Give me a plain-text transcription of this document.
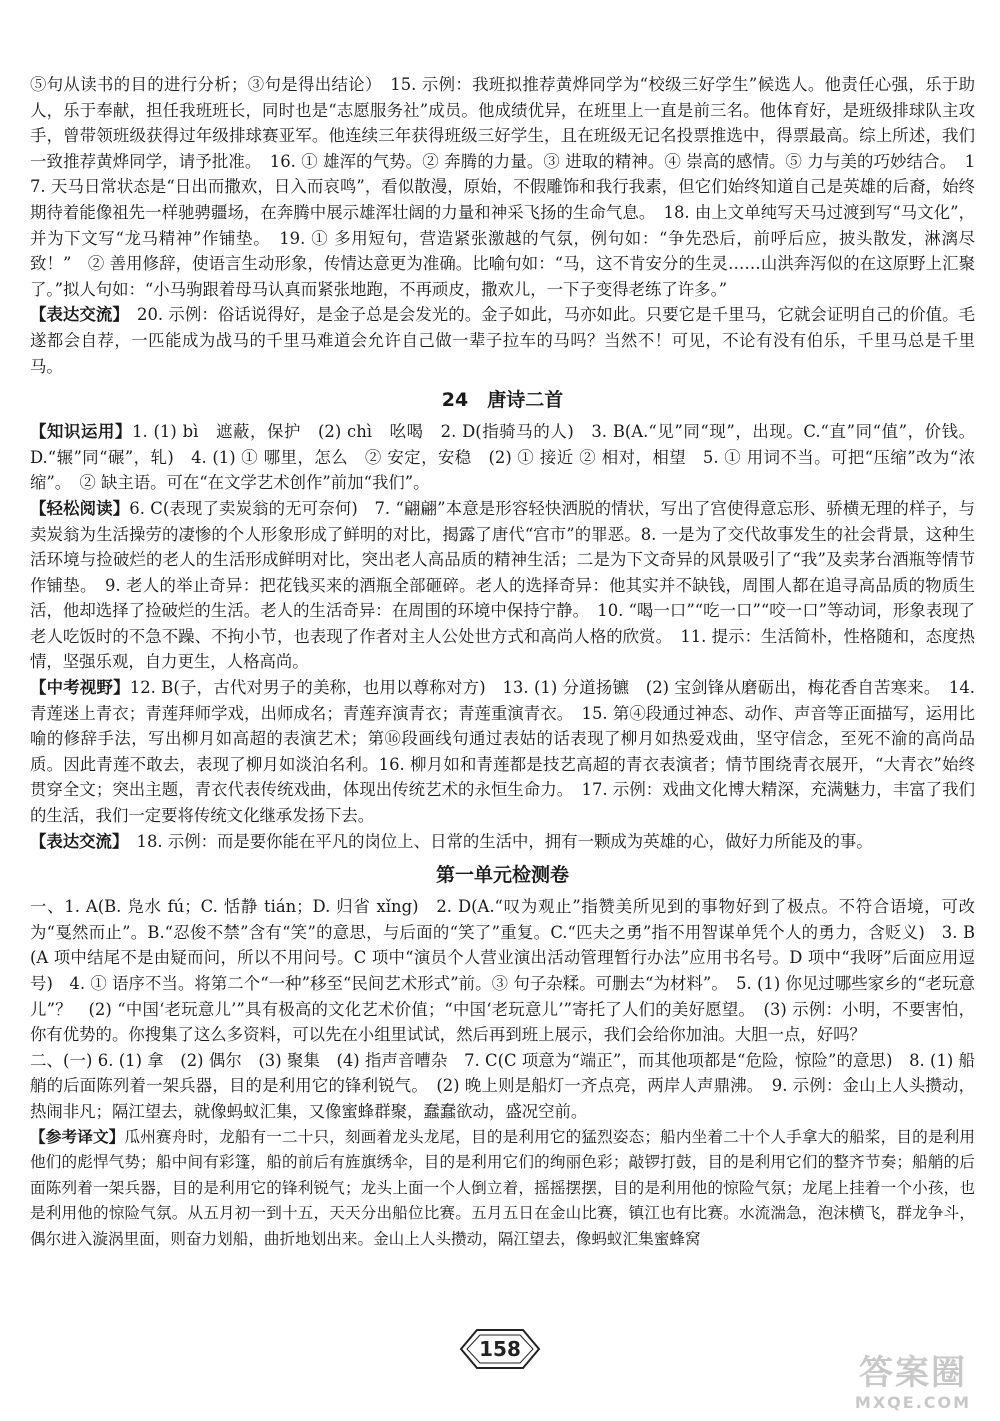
⑤句从读书的目的进行分析；③句是得出结论）　15. 示例：我班拟推荐黄烨同学为“校级三好学生”候选人。他责任心强，乐于助人，乐于奉献，担任我班班长，同时也是“志愿服务社”成员。他成绩优异，在班里上一直是前三名。他体育好，是班级排球队主攻手，曾带领班级获得过年级排球赛亚军。他连续三年获得班级三好学生，且在班级无记名投票推选中，得票最高。综上所述，我们一致推荐黄烨同学，请予批准。　16. ① 雄浑的气势。② 奔腾的力量。③ 进取的精神。④ 崇高的感情。⑤ 力与美的巧妙结合。　17. 天马日常状态是“日出而撒欢，日入而哀鸣”，看似散漫，原始，不假雕饰和我行我素，但它们始终知道自己是英雄的后裔，始终期待着能像祖先一样驰骋疆场，在奔腾中展示雄浑壮阔的力量和神采飞扬的生命气息。　18. 由上文单纯写天马过渡到写“马文化”，并为下文写“龙马精神”作铺垫。　19. ① 多用短句，营造紧张激越的气氛，例句如：“争先恐后，前呼后应，披头散发，淋漓尽致！”　② 善用修辞，使语言生动形象，传情达意更为准确。比喻句如：“马，这不肯安分的生灵……山洪奔泻似的在这原野上汇聚了。”拟人句如：“小马驹跟着母马认真而紧张地跑，不再顽皮，撒欢儿，一下子变得老练了许多。”

【表达交流】　20. 示例：俗话说得好，是金子总是会发光的。金子如此，马亦如此。只要它是千里马，它就会证明自己的价值。毛遂都会自荐，一匹能成为战马的千里马难道会允许自己做一辈子拉车的马吗？当然不！可见，不论有没有伯乐，千里马总是千里马。

24　唐诗二首

【知识运用】1. (1) bì　遮蔽，保护　(2) chì　吆喝　2. D(指骑马的人)　3. B(A.“见”同“现”，出现。C.“直”同“值”，价钱。D.“辗”同“碾”，轧)　4. (1) ① 哪里，怎么　② 安定，安稳　(2) ① 接近 ② 相对，相望　5. ① 用词不当。可把“压缩”改为“浓缩”。　② 缺主语。可在“在文学艺术创作”前加“我们”。

【轻松阅读】6. C(表现了卖炭翁的无可奈何)　7. “翩翩”本意是形容轻快洒脱的情状，写出了宫使得意忘形、骄横无理的样子，与卖炭翁为生活操劳的凄惨的个人形象形成了鲜明的对比，揭露了唐代“宫市”的罪恶。8. 一是为了交代故事发生的社会背景，这种生活环境与捡破烂的老人的生活形成鲜明对比，突出老人高品质的精神生活；二是为下文奇异的风景吸引了“我”及卖茅台酒瓶等情节作铺垫。　9. 老人的举止奇异：把花钱买来的酒瓶全部砸碎。老人的选择奇异：他其实并不缺钱，周围人都在追寻高品质的物质生活，他却选择了捡破烂的生活。老人的生活奇异：在周围的环境中保持宁静。　10. “喝一口”“吃一口”“咬一口”等动词，形象表现了老人吃饭时的不急不躁、不拘小节，也表现了作者对主人公处世方式和高尚人格的欣赏。　11. 提示：生活简朴，性格随和，态度热情，坚强乐观，自力更生，人格高尚。

【中考视野】12. B(子，古代对男子的美称，也用以尊称对方)　13. (1) 分道扬镳　(2) 宝剑锋从磨砺出，梅花香自苦寒来。　14. 青莲迷上青衣；青莲拜师学戏，出师成名；青莲弃演青衣；青莲重演青衣。　15. 第④段通过神态、动作、声音等正面描写，运用比喻的修辞手法，写出柳月如高超的表演艺术；第⑯段画线句通过表姑的话表现了柳月如热爱戏曲，坚守信念，至死不渝的高尚品质。因此青莲不敢去，表现了柳月如淡泊名利。16. 柳月如和青莲都是技艺高超的青衣表演者；情节围绕青衣展开，“大青衣”始终贯穿全文；突出主题，青衣代表传统戏曲，体现出传统艺术的永恒生命力。　17. 示例：戏曲文化博大精深，充满魅力，丰富了我们的生活，我们一定要将传统文化继承发扬下去。

【表达交流】　18. 示例：而是要你能在平凡的岗位上、日常的生活中，拥有一颗成为英雄的心，做好力所能及的事。

第一单元检测卷

一、1. A(B. 凫水 fú；C. 恬静 tián；D. 归省 xǐng)　2. D(A.“叹为观止”指赞美所见到的事物好到了极点。不符合语境，可改为“戛然而止”。B.“忍俊不禁”含有“笑”的意思，与后面的“笑了”重复。C.“匹夫之勇”指不用智谋单凭个人的勇力，含贬义)　3. B(A 项中结尾不是由疑而问，所以不用问号。C 项中“演员个人营业演出活动管理暂行办法”应用书名号。D 项中“我呀”后面应用逗号)　4. ① 语序不当。将第二个“一种”移至“民间艺术形式”前。③ 句子杂糅。可删去“为材料”。　5. (1) 你见过哪些家乡的“老玩意儿”？　(2) “中国‘老玩意儿’”具有极高的文化艺术价值；“中国‘老玩意儿’”寄托了人们的美好愿望。　(3) 示例：小明，不要害怕，你有优势的。你搜集了这么多资料，可以先在小组里试试，然后再到班上展示，我们会给你加油。大胆一点，好吗？

二、(一) 6. (1) 拿　(2) 偶尔　(3) 聚集　(4) 指声音嘈杂　7. C(C 项意为“端正”，而其他项都是“危险，惊险”的意思)　8. (1) 船艄的后面陈列着一架兵器，目的是利用它的锋利锐气。　(2) 晚上则是船灯一齐点亮，两岸人声鼎沸。　9. 示例：金山上人头攒动，热闹非凡；隔江望去，就像蚂蚁汇集，又像蜜蜂群聚，蠢蠢欲动，盛况空前。

【参考译文】瓜州赛舟时，龙船有一二十只，刻画着龙头龙尾，目的是利用它的猛烈姿态；船内坐着二十个人手拿大的船桨，目的是利用他们的彪悍气势；船中间有彩篷，船的前后有旌旗绣伞，目的是利用它们的绚丽色彩；敲锣打鼓，目的是利用它们的整齐节奏；船艄的后面陈列着一架兵器，目的是利用它的锋利锐气；龙头上面一个人倒立着，摇摇摆摆，目的是利用他的惊险气氛；龙尾上挂着一个小孩，也是利用他的惊险气氛。从五月初一到十五，天天分出船位比赛。五月五日在金山比赛，镇江也有比赛。水流湍急，泡沫横飞，群龙争斗，偶尔进入漩涡里面，则奋力划船，曲折地划出来。金山上人头攒动，隔江望去，像蚂蚁汇集蜜蜂窝

158
答案圈
MXQE.COM
